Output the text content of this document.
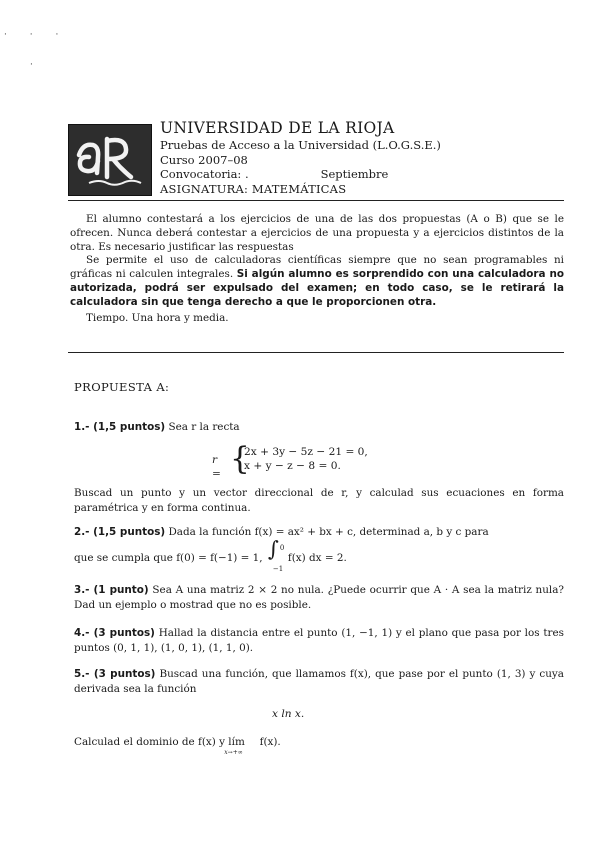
· · ·
·
UNIVERSIDAD DE LA RIOJA
Pruebas de Acceso a la Universidad (L.O.G.S.E.)
Curso 2007–08
Convocatoria: .	Septiembre
ASIGNATURA: MATEMÁTICAS

El alumno contestará a los ejercicios de una de las dos propuestas (A o B) que se le ofrecen. Nunca deberá contestar a ejercicios de una propuesta y a ejercicios distintos de la otra. Es necesario justificar las respuestas

Se permite el uso de calculadoras científicas siempre que no sean programables ni gráficas ni calculen integrales. Si algún alumno es sorprendido con una calculadora no autorizada, podrá ser expulsado del examen; en todo caso, se le retirará la calculadora sin que tenga derecho a que le proporcionen otra.

Tiempo. Una hora y media.

PROPUESTA A:
1.- (1,5 puntos) Sea r la recta
r = {
2x + 3y − 5z − 21 = 0,
x + y − z − 8 = 0.
Buscad un punto y un vector direccional de r, y calculad sus ecuaciones en forma paramétrica y en forma continua.
2.- (1,5 puntos) Dada la función f(x) = ax² + bx + c, determinad a, b y c para
que se cumpla que f(0) = f(−1) = 1, ∫ 0
−1
f(x) dx = 2.
3.- (1 punto) Sea A una matriz 2 × 2 no nula. ¿Puede ocurrir que A · A sea la matriz nula? Dad un ejemplo o mostrad que no es posible.
4.- (3 puntos) Hallad la distancia entre el punto (1, −1, 1) y el plano que pasa por los tres puntos (0, 1, 1), (1, 0, 1), (1, 1, 0).
5.- (3 puntos) Buscad una función, que llamamos f(x), que pase por el punto (1, 3) y cuya derivada sea la función
x ln x.
Calculad el dominio de f(x) y lím
x→+∞
f(x).
